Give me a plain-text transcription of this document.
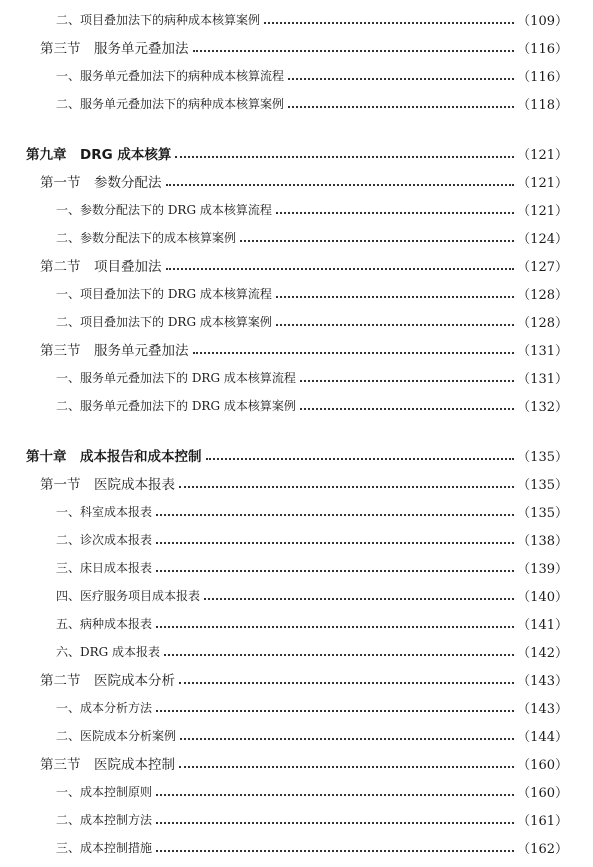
二、项目叠加法下的病种成本核算案例	（109）
第三节　服务单元叠加法	（116）
一、服务单元叠加法下的病种成本核算流程	（116）
二、服务单元叠加法下的病种成本核算案例	（118）
第九章　DRG 成本核算	（121）
第一节　参数分配法	（121）
一、参数分配法下的 DRG 成本核算流程	（121）
二、参数分配法下的成本核算案例	（124）
第二节　项目叠加法	（127）
一、项目叠加法下的 DRG 成本核算流程	（128）
二、项目叠加法下的 DRG 成本核算案例	（128）
第三节　服务单元叠加法	（131）
一、服务单元叠加法下的 DRG 成本核算流程	（131）
二、服务单元叠加法下的 DRG 成本核算案例	（132）
第十章　成本报告和成本控制	（135）
第一节　医院成本报表	（135）
一、科室成本报表	（135）
二、诊次成本报表	（138）
三、床日成本报表	（139）
四、医疗服务项目成本报表	（140）
五、病种成本报表	（141）
六、DRG 成本报表	（142）
第二节　医院成本分析	（143）
一、成本分析方法	（143）
二、医院成本分析案例	（144）
第三节　医院成本控制	（160）
一、成本控制原则	（160）
二、成本控制方法	（161）
三、成本控制措施	（162）
